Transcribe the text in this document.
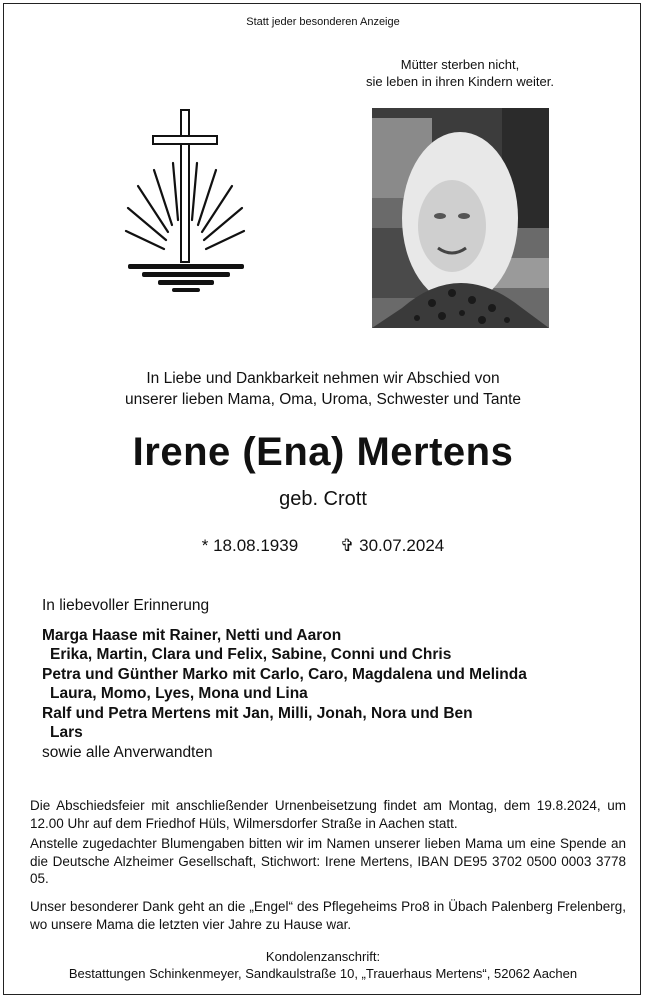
Statt jeder besonderen Anzeige
Mütter sterben nicht,
sie leben in ihren Kindern weiter.
In Liebe und Dankbarkeit nehmen wir Abschied von
unserer lieben Mama, Oma, Uroma, Schwester und Tante
Irene (Ena) Mertens
geb. Crott
* 18.08.1939 ✞ 30.07.2024
In liebevoller Erinnerung
Marga Haase mit Rainer, Netti und Aaron
Erika, Martin, Clara und Felix, Sabine, Conni und Chris
Petra und Günther Marko mit Carlo, Caro, Magdalena und Melinda
Laura, Momo, Lyes, Mona und Lina
Ralf und Petra Mertens mit Jan, Milli, Jonah, Nora und Ben
Lars
sowie alle Anverwandten
Die Abschiedsfeier mit anschließender Urnenbeisetzung findet am Montag, dem 19.8.2024, um 12.00 Uhr auf dem Friedhof Hüls, Wilmersdorfer Straße in Aachen statt.
Anstelle zugedachter Blumengaben bitten wir im Namen unserer lieben Mama um eine Spende an die Deutsche Alzheimer Gesellschaft, Stichwort: Irene Mertens, IBAN DE95 3702 0500 0003 3778 05.
Unser besonderer Dank geht an die „Engel“ des Pflegeheims Pro8 in Übach Palenberg Frelenberg, wo unsere Mama die letzten vier Jahre zu Hause war.
Kondolenzanschrift:
Bestattungen Schinkenmeyer, Sandkaulstraße 10, „Trauerhaus Mertens“, 52062 Aachen
